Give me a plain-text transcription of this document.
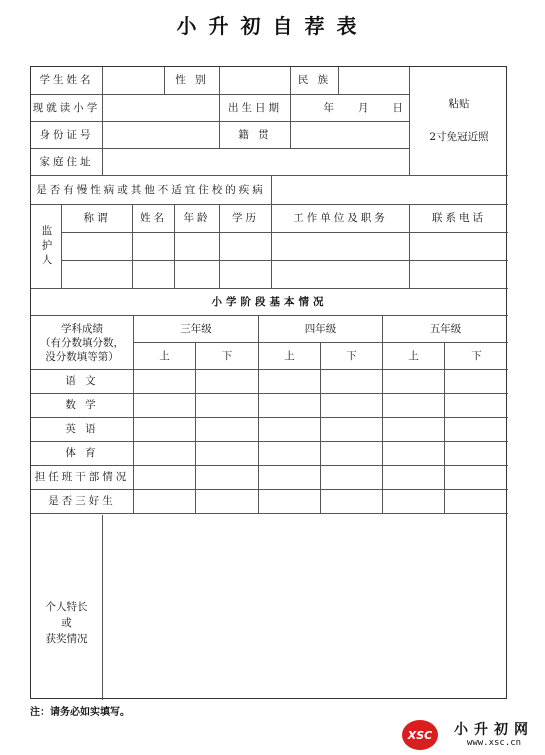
小升初自荐表
学生姓名	性 别	民 族
粘贴
2寸免冠近照
现就读小学	出生日期	年 月 日
身份证号	籍 贯
家庭住址
是否有慢性病或其他不适宜住校的疾病
监护人
称谓	姓名	年龄	学历	工作单位及职务	联系电话
小学阶段基本情况
学科成绩
（有分数填分数，
没分数填等第）
三年级	四年级	五年级
上	下	上	下	上	下
语 文
数 学
英 语
体 育
担任班干部情况
是否三好生
个人特长
或
获奖情况
注：请务必如实填写。
XSC	小升初网
www.xsc.cn
